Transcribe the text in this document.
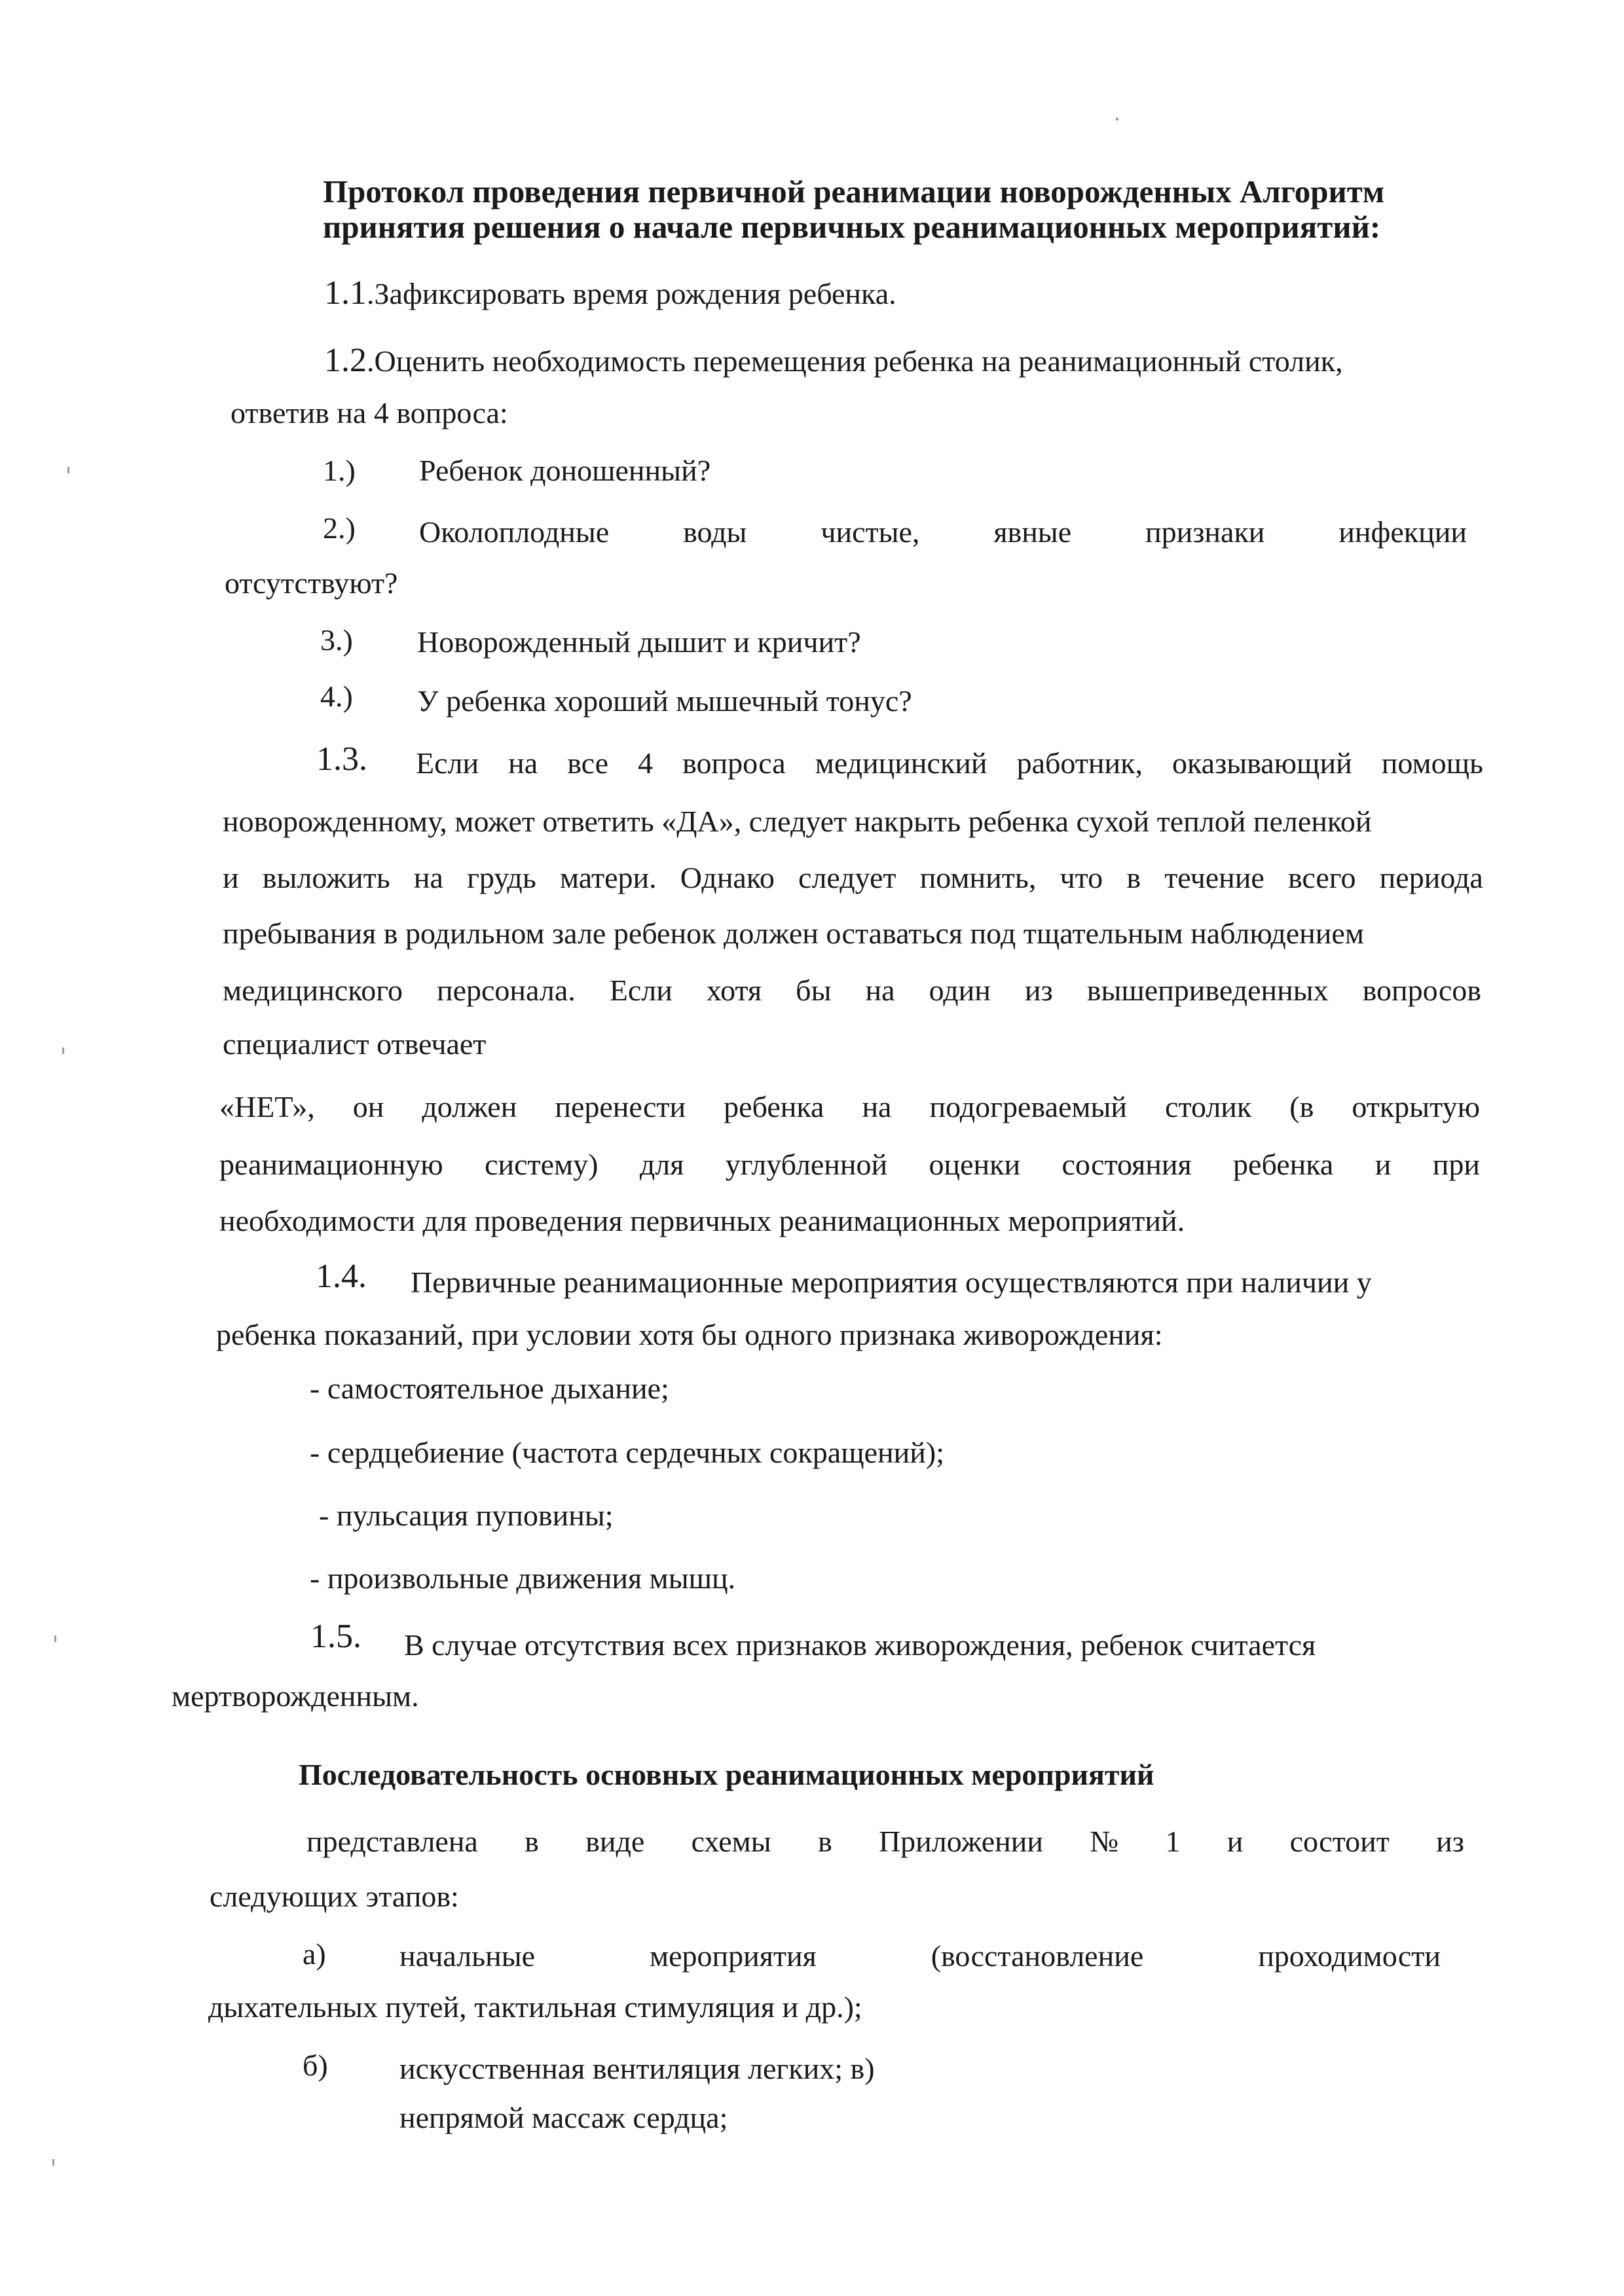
Протокол проведения первичной реанимации новорожденных Алгоритм
принятия решения о начале первичных реанимационных мероприятий:
1.1.Зафиксировать время рождения ребенка.
1.2.Оценить необходимость перемещения ребенка на реанимационный столик,
ответив на 4 вопроса:
1.) Ребенок доношенный?
2.) Околоплодные воды чистые, явные признаки инфекции
отсутствуют?
3.) Новорожденный дышит и кричит?
4.) У ребенка хороший мышечный тонус?
1.3. Если на все 4 вопроса медицинский работник, оказывающий помощь
новорожденному, может ответить «ДА», следует накрыть ребенка сухой теплой пеленкой
и выложить на грудь матери. Однако следует помнить, что в течение всего периода
пребывания в родильном зале ребенок должен оставаться под тщательным наблюдением
медицинского персонала. Если хотя бы на один из вышеприведенных вопросов
специалист отвечает
«НЕТ», он должен перенести ребенка на подогреваемый столик (в открытую
реанимационную систему) для углубленной оценки состояния ребенка и при
необходимости для проведения первичных реанимационных мероприятий.
1.4. Первичные реанимационные мероприятия осуществляются при наличии у
ребенка показаний, при условии хотя бы одного признака живорождения:
- самостоятельное дыхание;
- сердцебиение (частота сердечных сокращений);
- пульсация пуповины;
- произвольные движения мышц.
1.5. В случае отсутствия всех признаков живорождения, ребенок считается
мертворожденным.
Последовательность основных реанимационных мероприятий
представлена в виде схемы в Приложении № 1 и состоит из
следующих этапов:
а) начальные	мероприятия	(восстановление	проходимости
дыхательных путей, тактильная стимуляция и др.);
б) искусственная вентиляция легких; в)
непрямой массаж сердца;
